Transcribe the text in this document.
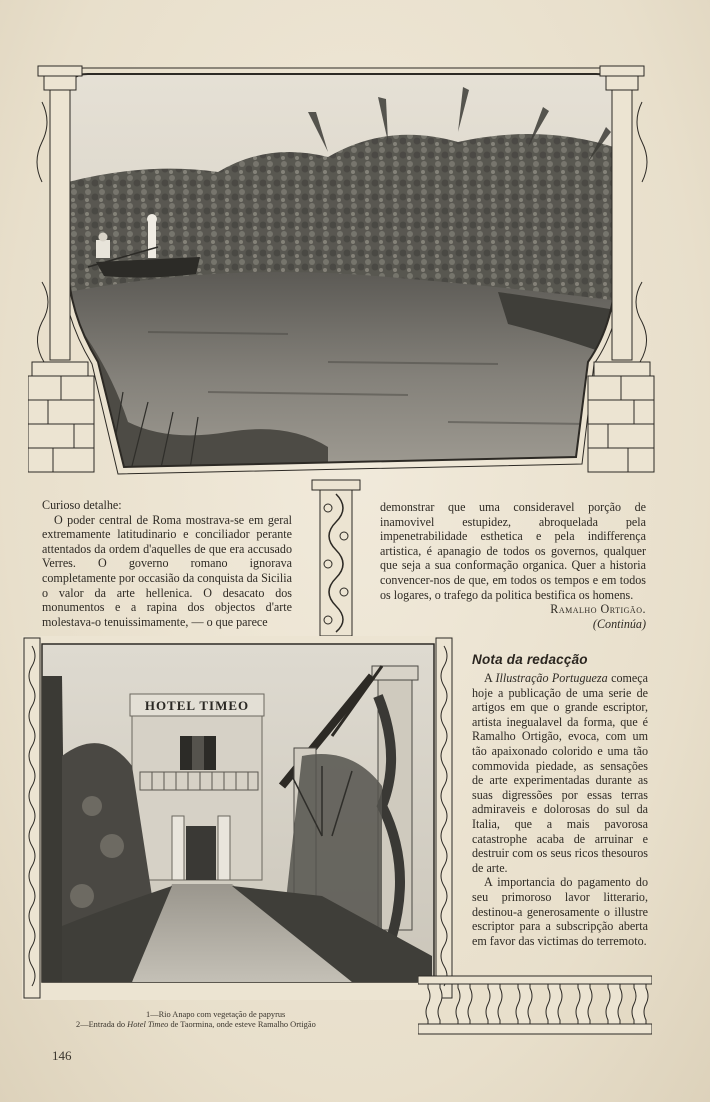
Curioso detalhe:

O poder central de Roma mostrava-se em geral extremamente latitudinario e conciliador perante attentados da ordem d'aquelles de que era accusado Verres. O governo romano ignorava completamente por occasião da conquista da Sicilia o valor da arte hellenica. O desacato dos monumentos e a rapina dos objectos d'arte molestava-o tenuissimamente, — o que parece

demonstrar que uma consideravel porção de inamovivel estupidez, abroquelada pela impenetrabilidade esthetica e pela indifferença artistica, é apanagio de todos os governos, qualquer que seja a sua conformação organica. Quer a historia convencer-nos de que, em todos os tempos e em todos os logares, o trafego da politica bestifica os homens.

Ramalho Ortigão.
(Continúa)
HOTEL TIMEO
Nota da redacção

A Illustração Portugueza começa hoje a publicação de uma serie de artigos em que o grande escriptor, artista inegualavel da forma, que é Ramalho Ortigão, evoca, com um tão apaixonado colorido e uma tão commovida piedade, as sensações de arte experimentadas durante as suas digressões por essas terras admiraveis e dolorosas do sul da Italia, que a mais pavorosa catastrophe acaba de arruinar e destruir com os seus ricos thesouros de arte.

A importancia do pagamento do seu primoroso lavor litterario, destinou-a generosamente o illustre escriptor para a subscripção aberta em favor das victimas do terremoto.

1—Rio Anapo com vegetação de papyrus
2—Entrada do Hotel Timeo de Taormina, onde esteve Ramalho Ortigão
146
